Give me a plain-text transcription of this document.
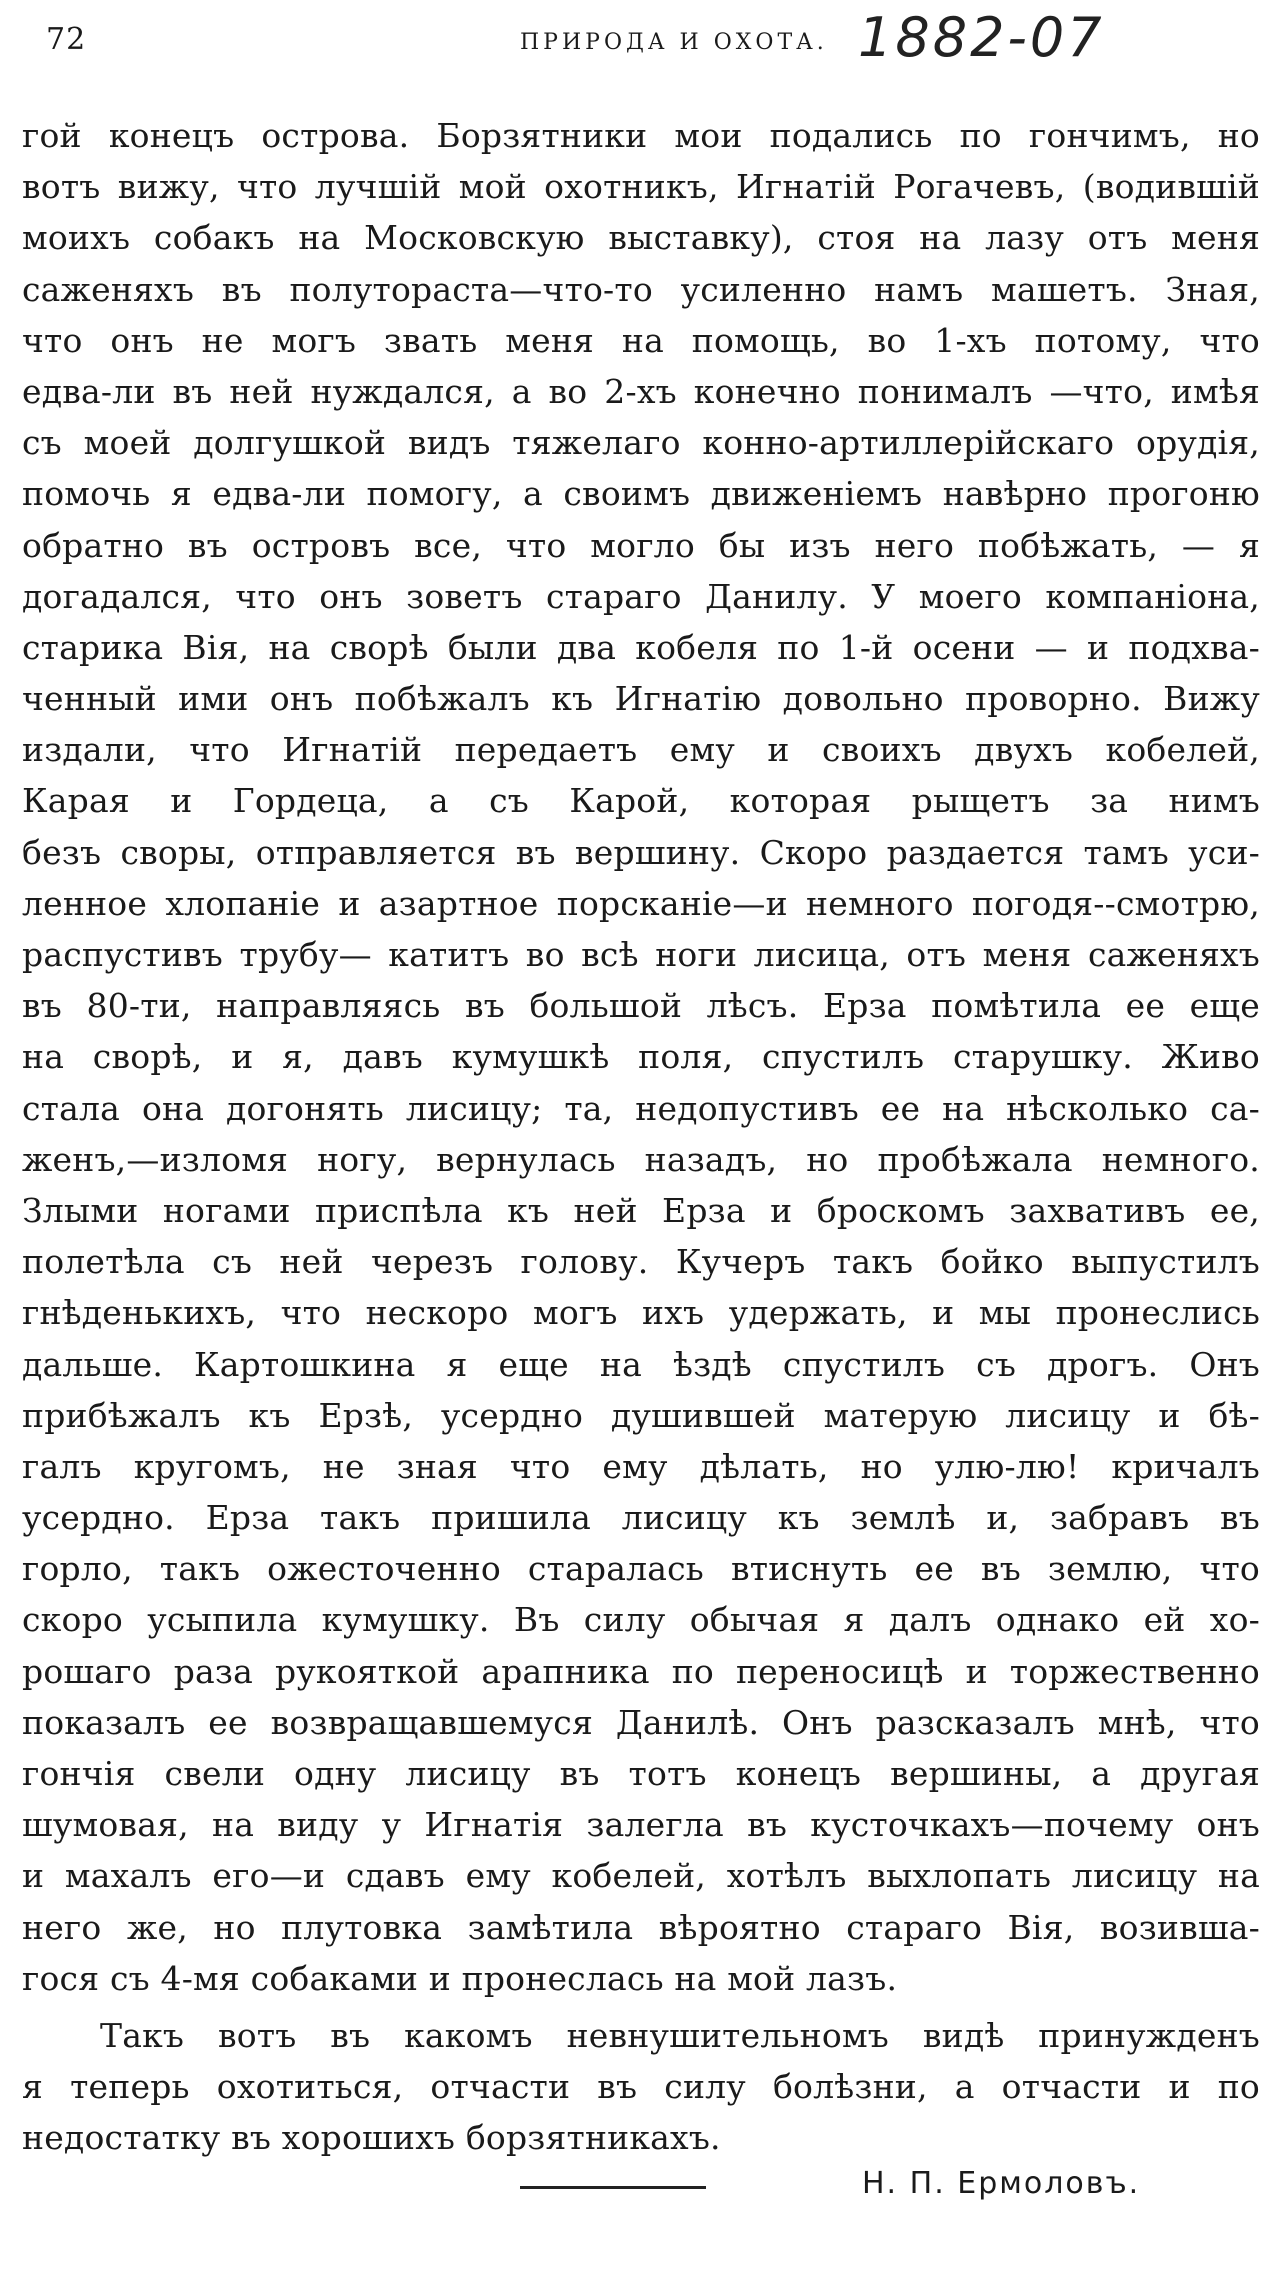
72	ПРИРОДА И ОХОТА. 1882-07
гой конецъ острова. Борзятники мои подались по гончимъ, но
вотъ вижу, что лучшій мой охотникъ, Игнатій Рогачевъ, (водившій
моихъ собакъ на Московскую выставку), стоя на лазу отъ меня
саженяхъ въ полутораста—что-то усиленно намъ машетъ. Зная,
что онъ не могъ звать меня на помощь, во 1-хъ потому, что
едва-ли въ ней нуждался, а во 2-хъ конечно понималъ —что, имѣя
съ моей долгушкой видъ тяжелаго конно-артиллерійскаго орудія,
помочь я едва-ли помогу, а своимъ движеніемъ навѣрно прогоню
обратно въ островъ все, что могло бы изъ него побѣжать, — я
догадался, что онъ зоветъ стараго Данилу. У моего компаніона,
старика Вія, на сворѣ были два кобеля по 1-й осени — и подхва-
ченный ими онъ побѣжалъ къ Игнатію довольно проворно. Вижу
издали, что Игнатій передаетъ ему и своихъ двухъ кобелей,
Карая и Гордеца, а съ Карой, которая рыщетъ за нимъ
безъ своры, отправляется въ вершину. Скоро раздается тамъ уси-
ленное хлопаніе и азартное порсканіе—и немного погодя--смотрю,
распустивъ трубу— катитъ во всѣ ноги лисица, отъ меня саженяхъ
въ 80-ти, направляясь въ большой лѣсъ. Ерза помѣтила ее еще
на сворѣ, и я, давъ кумушкѣ поля, спустилъ старушку. Живо
стала она догонять лисицу; та, недопустивъ ее на нѣсколько са-
женъ,—изломя ногу, вернулась назадъ, но пробѣжала немного.
Злыми ногами приспѣла къ ней Ерза и броскомъ захвативъ ее,
полетѣла съ ней черезъ голову. Кучеръ такъ бойко выпустилъ
гнѣденькихъ, что нескоро могъ ихъ удержать, и мы пронеслись
дальше. Картошкина я еще на ѣздѣ спустилъ съ дрогъ. Онъ
прибѣжалъ къ Ерзѣ, усердно душившей матерую лисицу и бѣ-
галъ кругомъ, не зная что ему дѣлать, но улю-лю! кричалъ
усердно. Ерза такъ пришила лисицу къ землѣ и, забравъ въ
горло, такъ ожесточенно старалась втиснуть ее въ землю, что
скоро усыпила кумушку. Въ силу обычая я далъ однако ей хо-
рошаго раза рукояткой арапника по переносицѣ и торжественно
показалъ ее возвращавшемуся Данилѣ. Онъ разсказалъ мнѣ, что
гончія свели одну лисицу въ тотъ конецъ вершины, а другая
шумовая, на виду у Игнатія залегла въ кусточкахъ—почему онъ
и махалъ его—и сдавъ ему кобелей, хотѣлъ выхлопать лисицу на
него же, но плутовка замѣтила вѣроятно стараго Вія, возивша-
гося съ 4-мя собаками и пронеслась на мой лазъ.
Такъ вотъ въ какомъ невнушительномъ видѣ принужденъ
я теперь охотиться, отчасти въ силу болѣзни, а отчасти и по
недостатку въ хорошихъ борзятникахъ.
Н. П. Ермоловъ.
